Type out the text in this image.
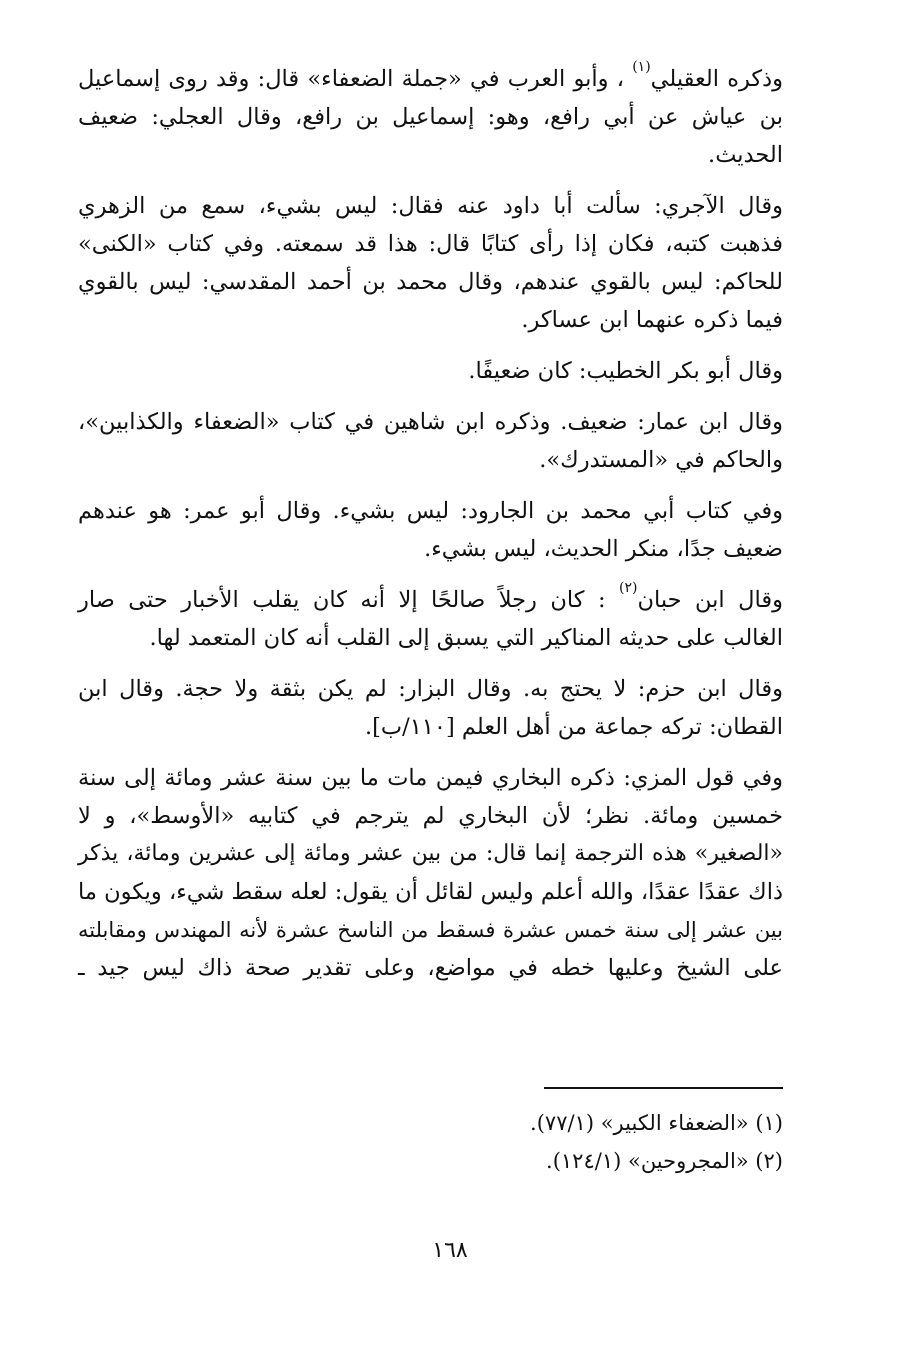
وذكره العقيلي$^{(١)}$ ، وأبو العرب في «جملة الضعفاء» قال: وقد روى إسماعيل
بن عياش عن أبي رافع، وهو: إسماعيل بن رافع، وقال العجلي: ضعيف
الحديث.

وقال الآجري: سألت أبا داود عنه فقال: ليس بشيء، سمع من الزهري
فذهبت كتبه، فكان إذا رأى كتابًا قال: هذا قد سمعته. وفي كتاب «الكنى»
للحاكم: ليس بالقوي عندهم، وقال محمد بن أحمد المقدسي: ليس بالقوي
فيما ذكره عنهما ابن عساكر.

وقال أبو بكر الخطيب: كان ضعيفًا.

وقال ابن عمار: ضعيف. وذكره ابن شاهين في كتاب «الضعفاء والكذابين»،
والحاكم في «المستدرك».

وفي كتاب أبي محمد بن الجارود: ليس بشيء. وقال أبو عمر: هو عندهم
ضعيف جدًا، منكر الحديث، ليس بشيء.

وقال ابن حبان$^{(٢)}$ : كان رجلاً صالحًا إلا أنه كان يقلب الأخبار حتى صار
الغالب على حديثه المناكير التي يسبق إلى القلب أنه كان المتعمد لها.

وقال ابن حزم: لا يحتج به. وقال البزار: لم يكن بثقة ولا حجة. وقال ابن
القطان: تركه جماعة من أهل العلم [١١٠/ب].

وفي قول المزي: ذكره البخاري فيمن مات ما بين سنة عشر ومائة إلى سنة
خمسين ومائة. نظر؛ لأن البخاري لم يترجم في كتابيه «الأوسط»، و لا
«الصغير» هذه الترجمة إنما قال: من بين عشر ومائة إلى عشرين ومائة، يذكر
ذاك عقدًا عقدًا، والله أعلم وليس لقائل أن يقول: لعله سقط شيء، ويكون ما
بين عشر إلى سنة خمس عشرة فسقط من الناسخ عشرة لأنه المهندس ومقابلته
على الشيخ وعليها خطه في مواضع، وعلى تقدير صحة ذاك ليس جيد ـ

(١) «الضعفاء الكبير» (٧٧/١).
(٢) «المجروحين» (١٢٤/١).
١٦٨
